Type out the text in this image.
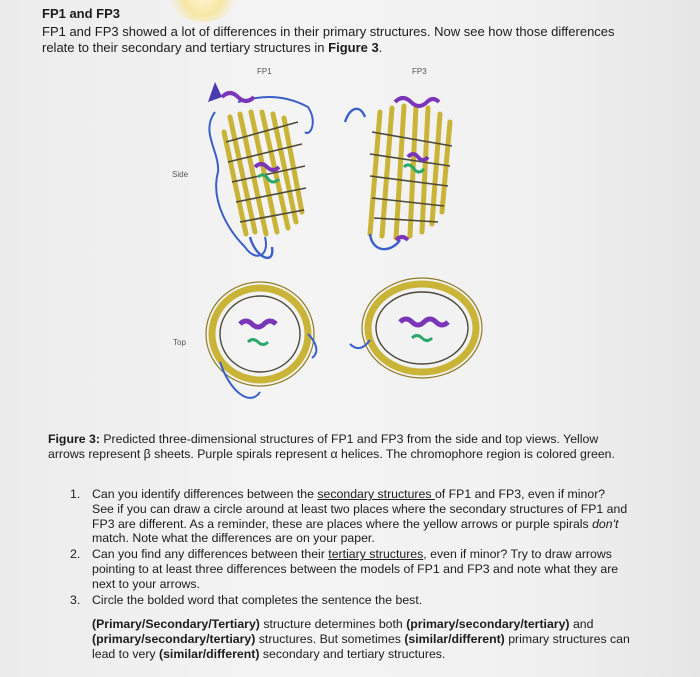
FP1 and FP3
FP1 and FP3 showed a lot of differences in their primary structures. Now see how those differences relate to their secondary and tertiary structures in Figure 3.
FP1	FP3
Side
Top
Figure 3: Predicted three-dimensional structures of FP1 and FP3 from the side and top views. Yellow arrows represent β sheets. Purple spirals represent α helices. The chromophore region is colored green.
1. Can you identify differences between the secondary structures of FP1 and FP3, even if minor? See if you can draw a circle around at least two places where the secondary structures of FP1 and FP3 are different. As a reminder, these are places where the yellow arrows or purple spirals don't match. Note what the differences are on your paper.
2. Can you find any differences between their tertiary structures, even if minor? Try to draw arrows pointing to at least three differences between the models of FP1 and FP3 and note what they are next to your arrows.
3. Circle the bolded word that completes the sentence the best.
(Primary/Secondary/Tertiary) structure determines both (primary/secondary/tertiary) and (primary/secondary/tertiary) structures. But sometimes (similar/different) primary structures can lead to very (similar/different) secondary and tertiary structures.
